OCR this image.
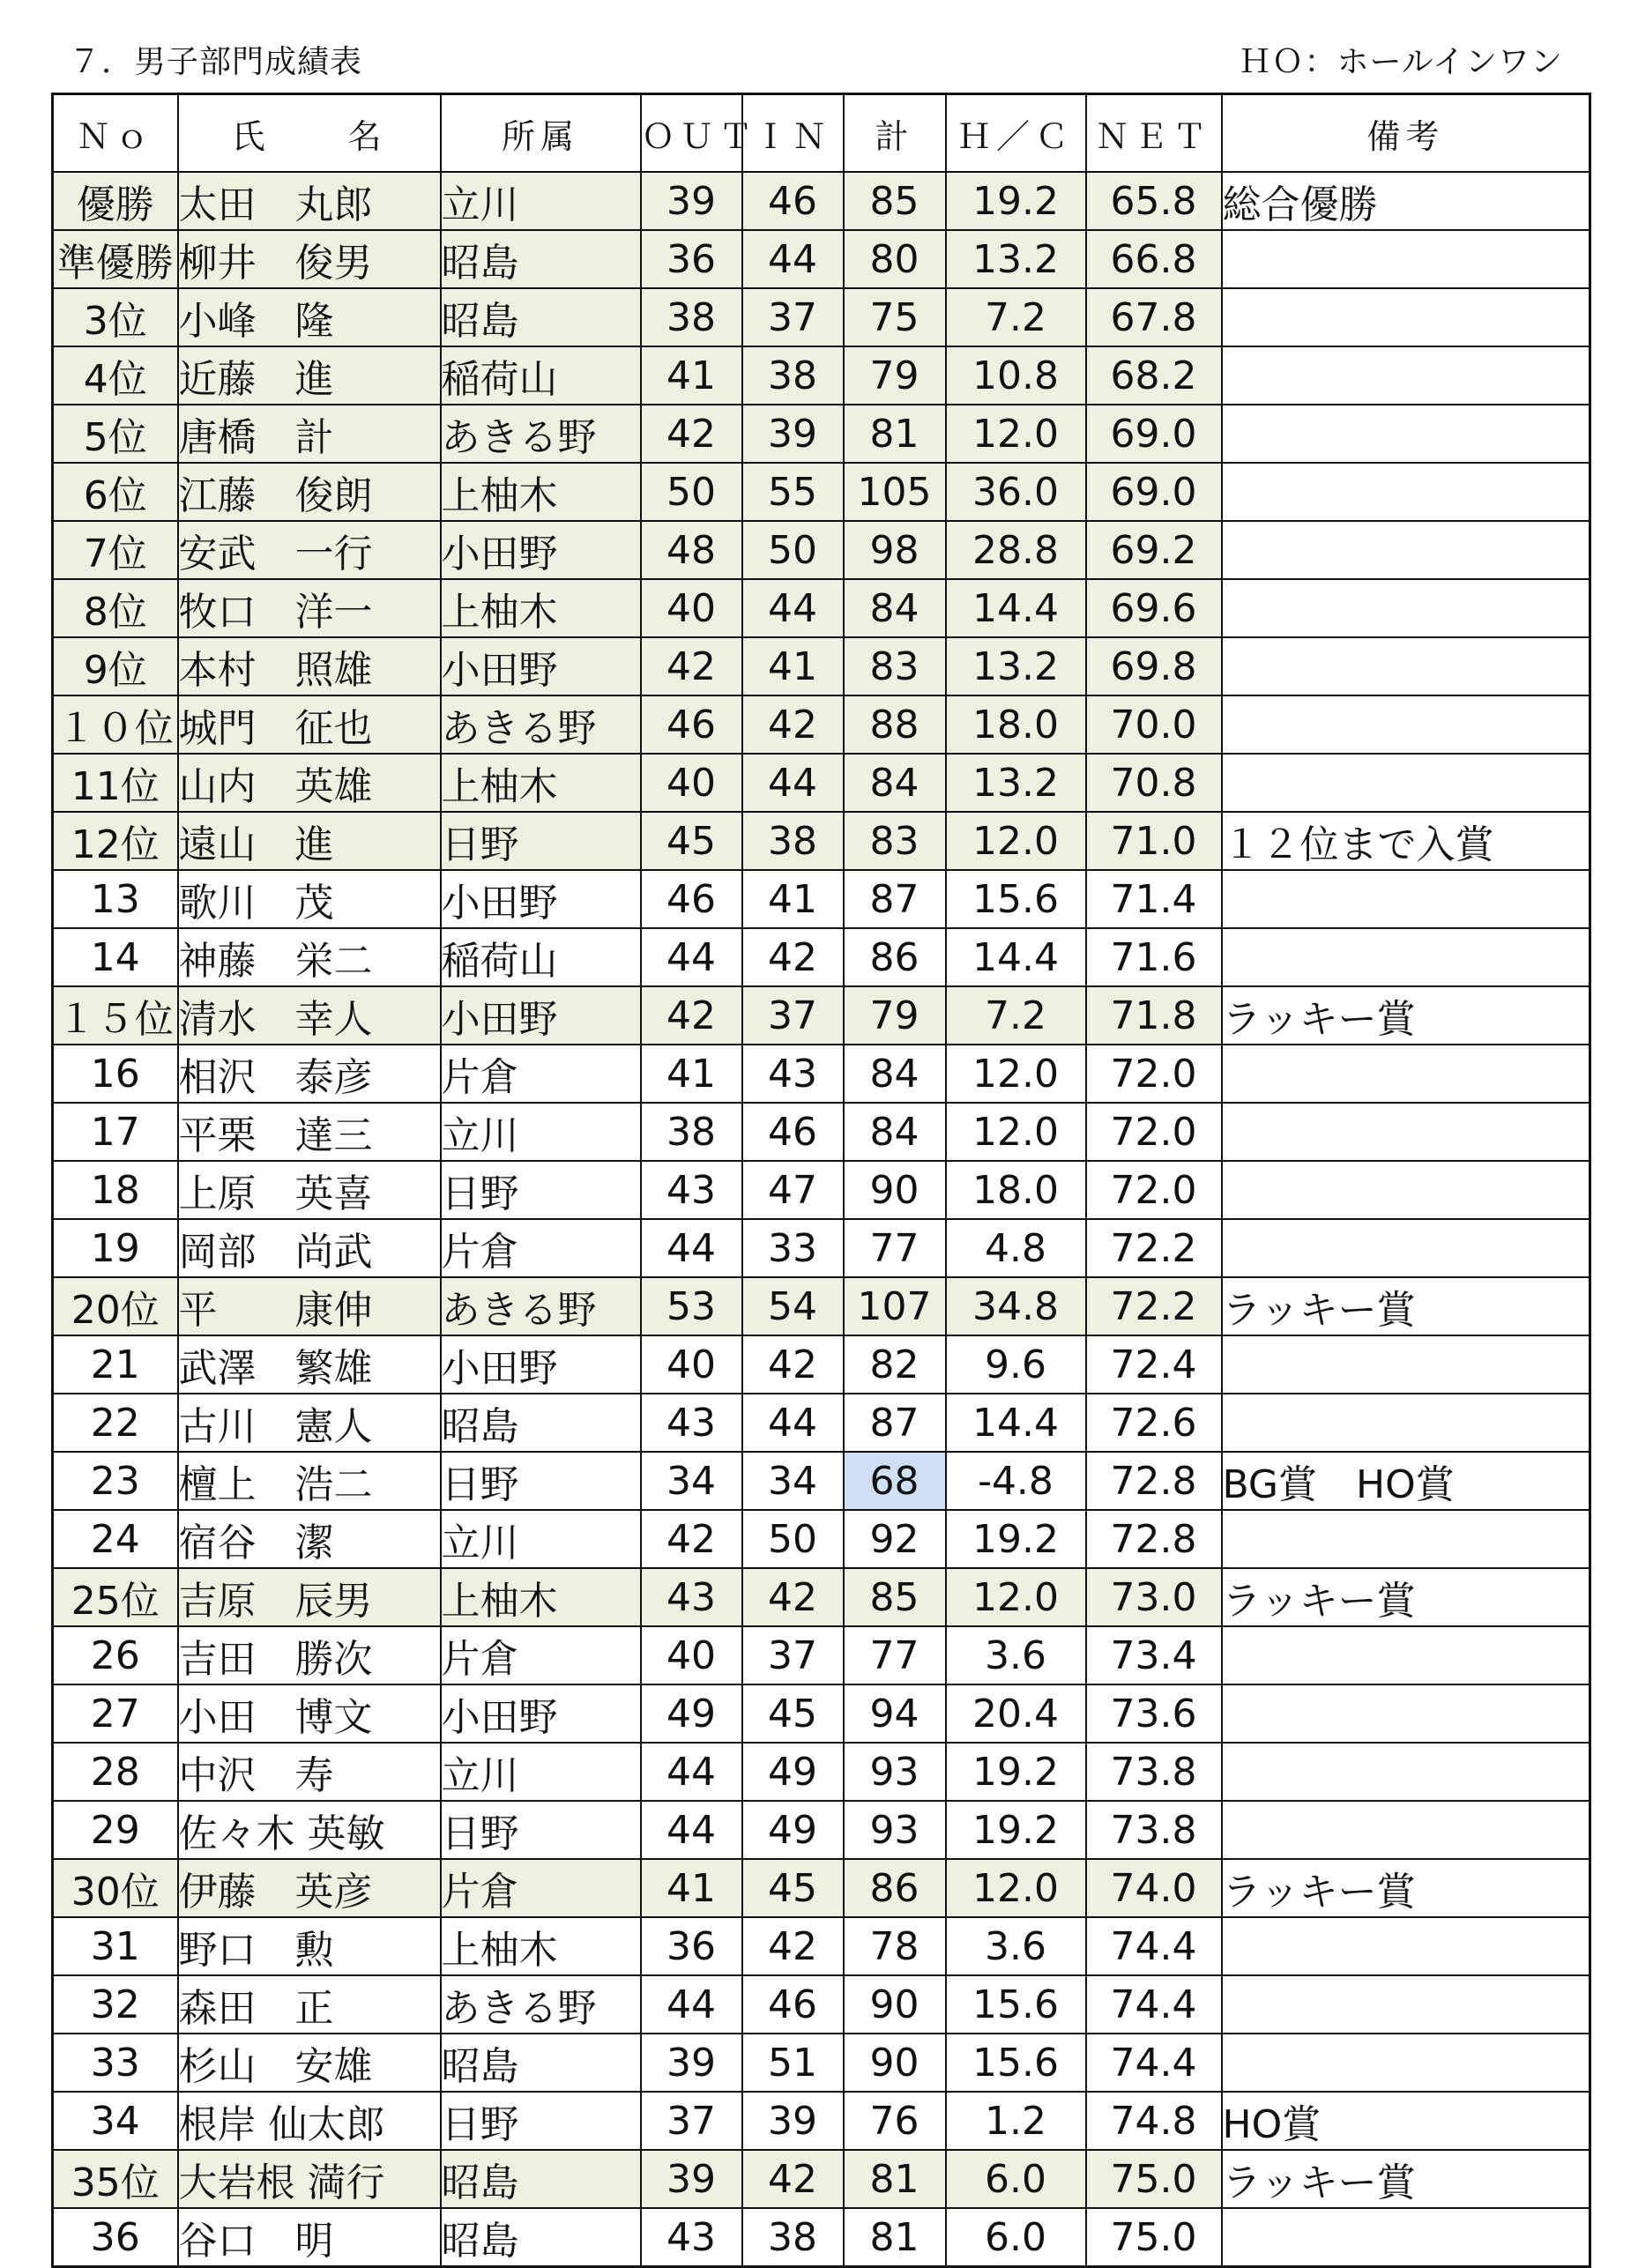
７．男子部門成績表	ＨＯ：ホールインワン
Ｎｏ	氏　　名	所属	ＯＵＴ	ＩＮ	計	Ｈ／Ｃ	ＮＥＴ	備考
優勝	太田　丸郎	立川	39	46	85	19.2	65.8	総合優勝
準優勝	柳井　俊男	昭島	36	44	80	13.2	66.8	
3位	小峰　隆	昭島	38	37	75	7.2	67.8	
4位	近藤　進	稲荷山	41	38	79	10.8	68.2	
5位	唐橋　計	あきる野	42	39	81	12.0	69.0	
6位	江藤　俊朗	上柚木	50	55	105	36.0	69.0	
7位	安武　一行	小田野	48	50	98	28.8	69.2	
8位	牧口　洋一	上柚木	40	44	84	14.4	69.6	
9位	本村　照雄	小田野	42	41	83	13.2	69.8	
１０位	城門　征也	あきる野	46	42	88	18.0	70.0	
11位	山内　英雄	上柚木	40	44	84	13.2	70.8	
12位	遠山　進	日野	45	38	83	12.0	71.0	１２位まで入賞
13	歌川　茂	小田野	46	41	87	15.6	71.4	
14	神藤　栄二	稲荷山	44	42	86	14.4	71.6	
１５位	清水　幸人	小田野	42	37	79	7.2	71.8	ラッキー賞
16	相沢　泰彦	片倉	41	43	84	12.0	72.0	
17	平栗　達三	立川	38	46	84	12.0	72.0	
18	上原　英喜	日野	43	47	90	18.0	72.0	
19	岡部　尚武	片倉	44	33	77	4.8	72.2	
20位	平　　康伸	あきる野	53	54	107	34.8	72.2	ラッキー賞
21	武澤　繁雄	小田野	40	42	82	9.6	72.4	
22	古川　憲人	昭島	43	44	87	14.4	72.6	
23	檀上　浩二	日野	34	34	68	-4.8	72.8	BG賞　HO賞
24	宿谷　潔	立川	42	50	92	19.2	72.8	
25位	吉原　辰男	上柚木	43	42	85	12.0	73.0	ラッキー賞
26	吉田　勝次	片倉	40	37	77	3.6	73.4	
27	小田　博文	小田野	49	45	94	20.4	73.6	
28	中沢　寿	立川	44	49	93	19.2	73.8	
29	佐々木 英敏	日野	44	49	93	19.2	73.8	
30位	伊藤　英彦	片倉	41	45	86	12.0	74.0	ラッキー賞
31	野口　勲	上柚木	36	42	78	3.6	74.4	
32	森田　正	あきる野	44	46	90	15.6	74.4	
33	杉山　安雄	昭島	39	51	90	15.6	74.4	
34	根岸 仙太郎	日野	37	39	76	1.2	74.8	HO賞
35位	大岩根 満行	昭島	39	42	81	6.0	75.0	ラッキー賞
36	谷口　明	昭島	43	38	81	6.0	75.0	
